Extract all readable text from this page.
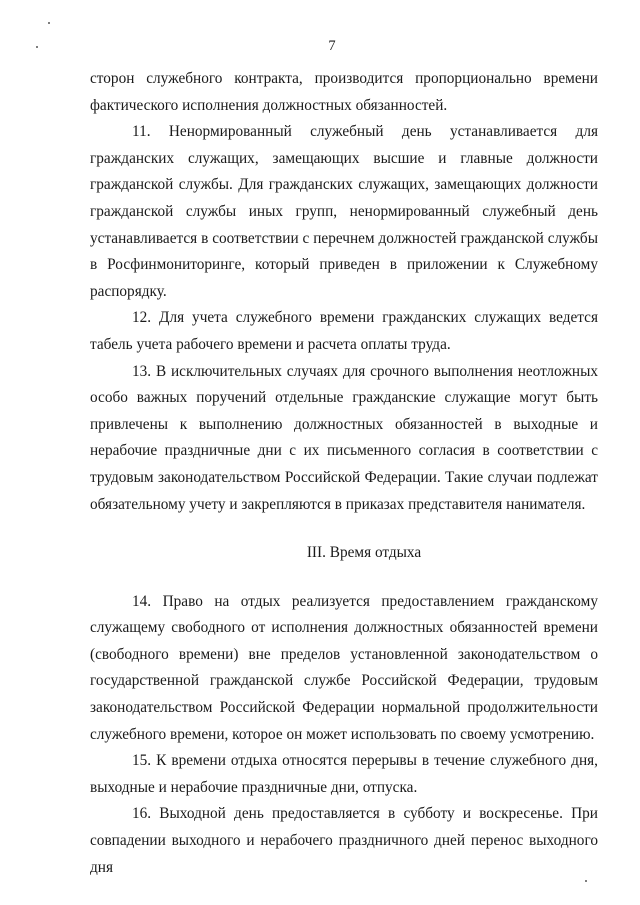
7

сторон служебного контракта, производится пропорционально времени фактического исполнения должностных обязанностей.

11. Ненормированный служебный день устанавливается для гражданских служащих, замещающих высшие и главные должности гражданской службы. Для гражданских служащих, замещающих должности гражданской службы иных групп, ненормированный служебный день устанавливается в соответствии с перечнем должностей гражданской службы в Росфинмониторинге, который приведен в приложении к Служебному распорядку.

12. Для учета служебного времени гражданских служащих ведется табель учета рабочего времени и расчета оплаты труда.

13. В исключительных случаях для срочного выполнения неотложных особо важных поручений отдельные гражданские служащие могут быть привлечены к выполнению должностных обязанностей в выходные и нерабочие праздничные дни с их письменного согласия в соответствии с трудовым законодательством Российской Федерации. Такие случаи подлежат обязательному учету и закрепляются в приказах представителя нанимателя.

III. Время отдыха

14. Право на отдых реализуется предоставлением гражданскому служащему свободного от исполнения должностных обязанностей времени (свободного времени) вне пределов установленной законодательством о государственной гражданской службе Российской Федерации, трудовым законодательством Российской Федерации нормальной продолжительности служебного времени, которое он может использовать по своему усмотрению.

15. К времени отдыха относятся перерывы в течение служебного дня, выходные и нерабочие праздничные дни, отпуска.

16. Выходной день предоставляется в субботу и воскресенье. При совпадении выходного и нерабочего праздничного дней перенос выходного дня
